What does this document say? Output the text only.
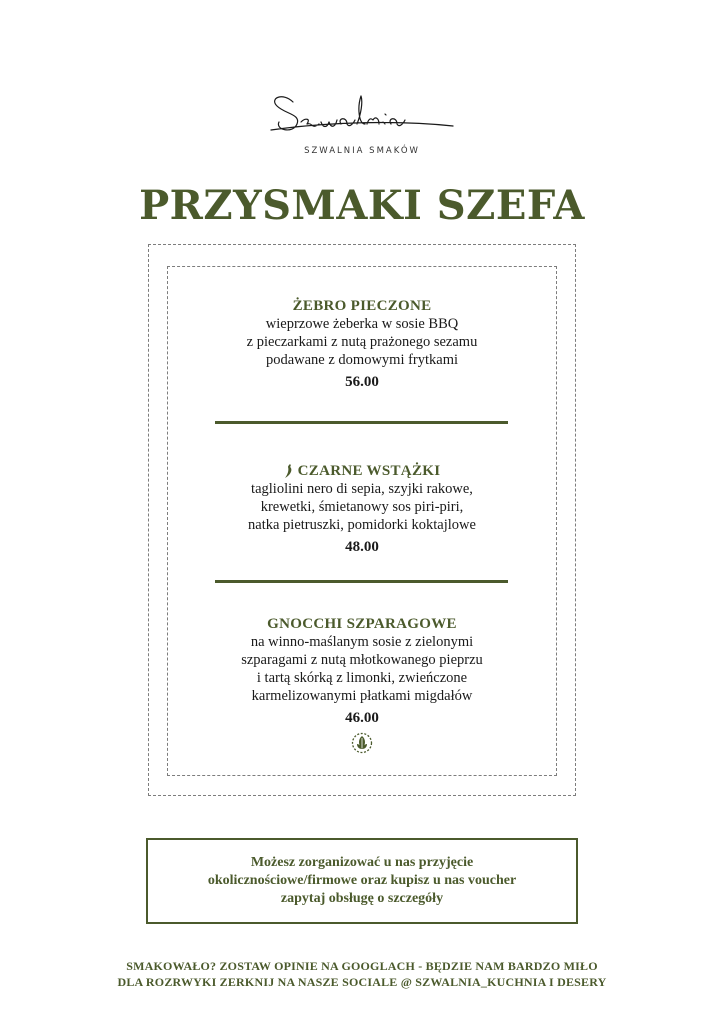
SZWALNIA SMAKÓW
PRZYSMAKI SZEFA
ŻEBRO PIECZONE
wieprzowe żeberka w sosie BBQ
z pieczarkami z nutą prażonego sezamu
podawane z domowymi frytkami
56.00
CZARNE WSTĄŻKI
tagliolini nero di sepia, szyjki rakowe,
krewetki, śmietanowy sos piri-piri,
natka pietruszki, pomidorki koktajlowe
48.00
GNOCCHI SZPARAGOWE
na winno-maślanym sosie z zielonymi
szparagami z nutą młotkowanego pieprzu
i tartą skórką z limonki, zwieńczone
karmelizowanymi płatkami migdałów
46.00
Możesz zorganizować u nas przyjęcie
okolicznościowe/firmowe oraz kupisz u nas voucher
zapytaj obsługę o szczegóły
SMAKOWAŁO? ZOSTAW OPINIE NA GOOGLACH - BĘDZIE NAM BARDZO MIŁO
DLA ROZRWYKI ZERKNIJ NA NASZE SOCIALE @ SZWALNIA_KUCHNIA I DESERY
